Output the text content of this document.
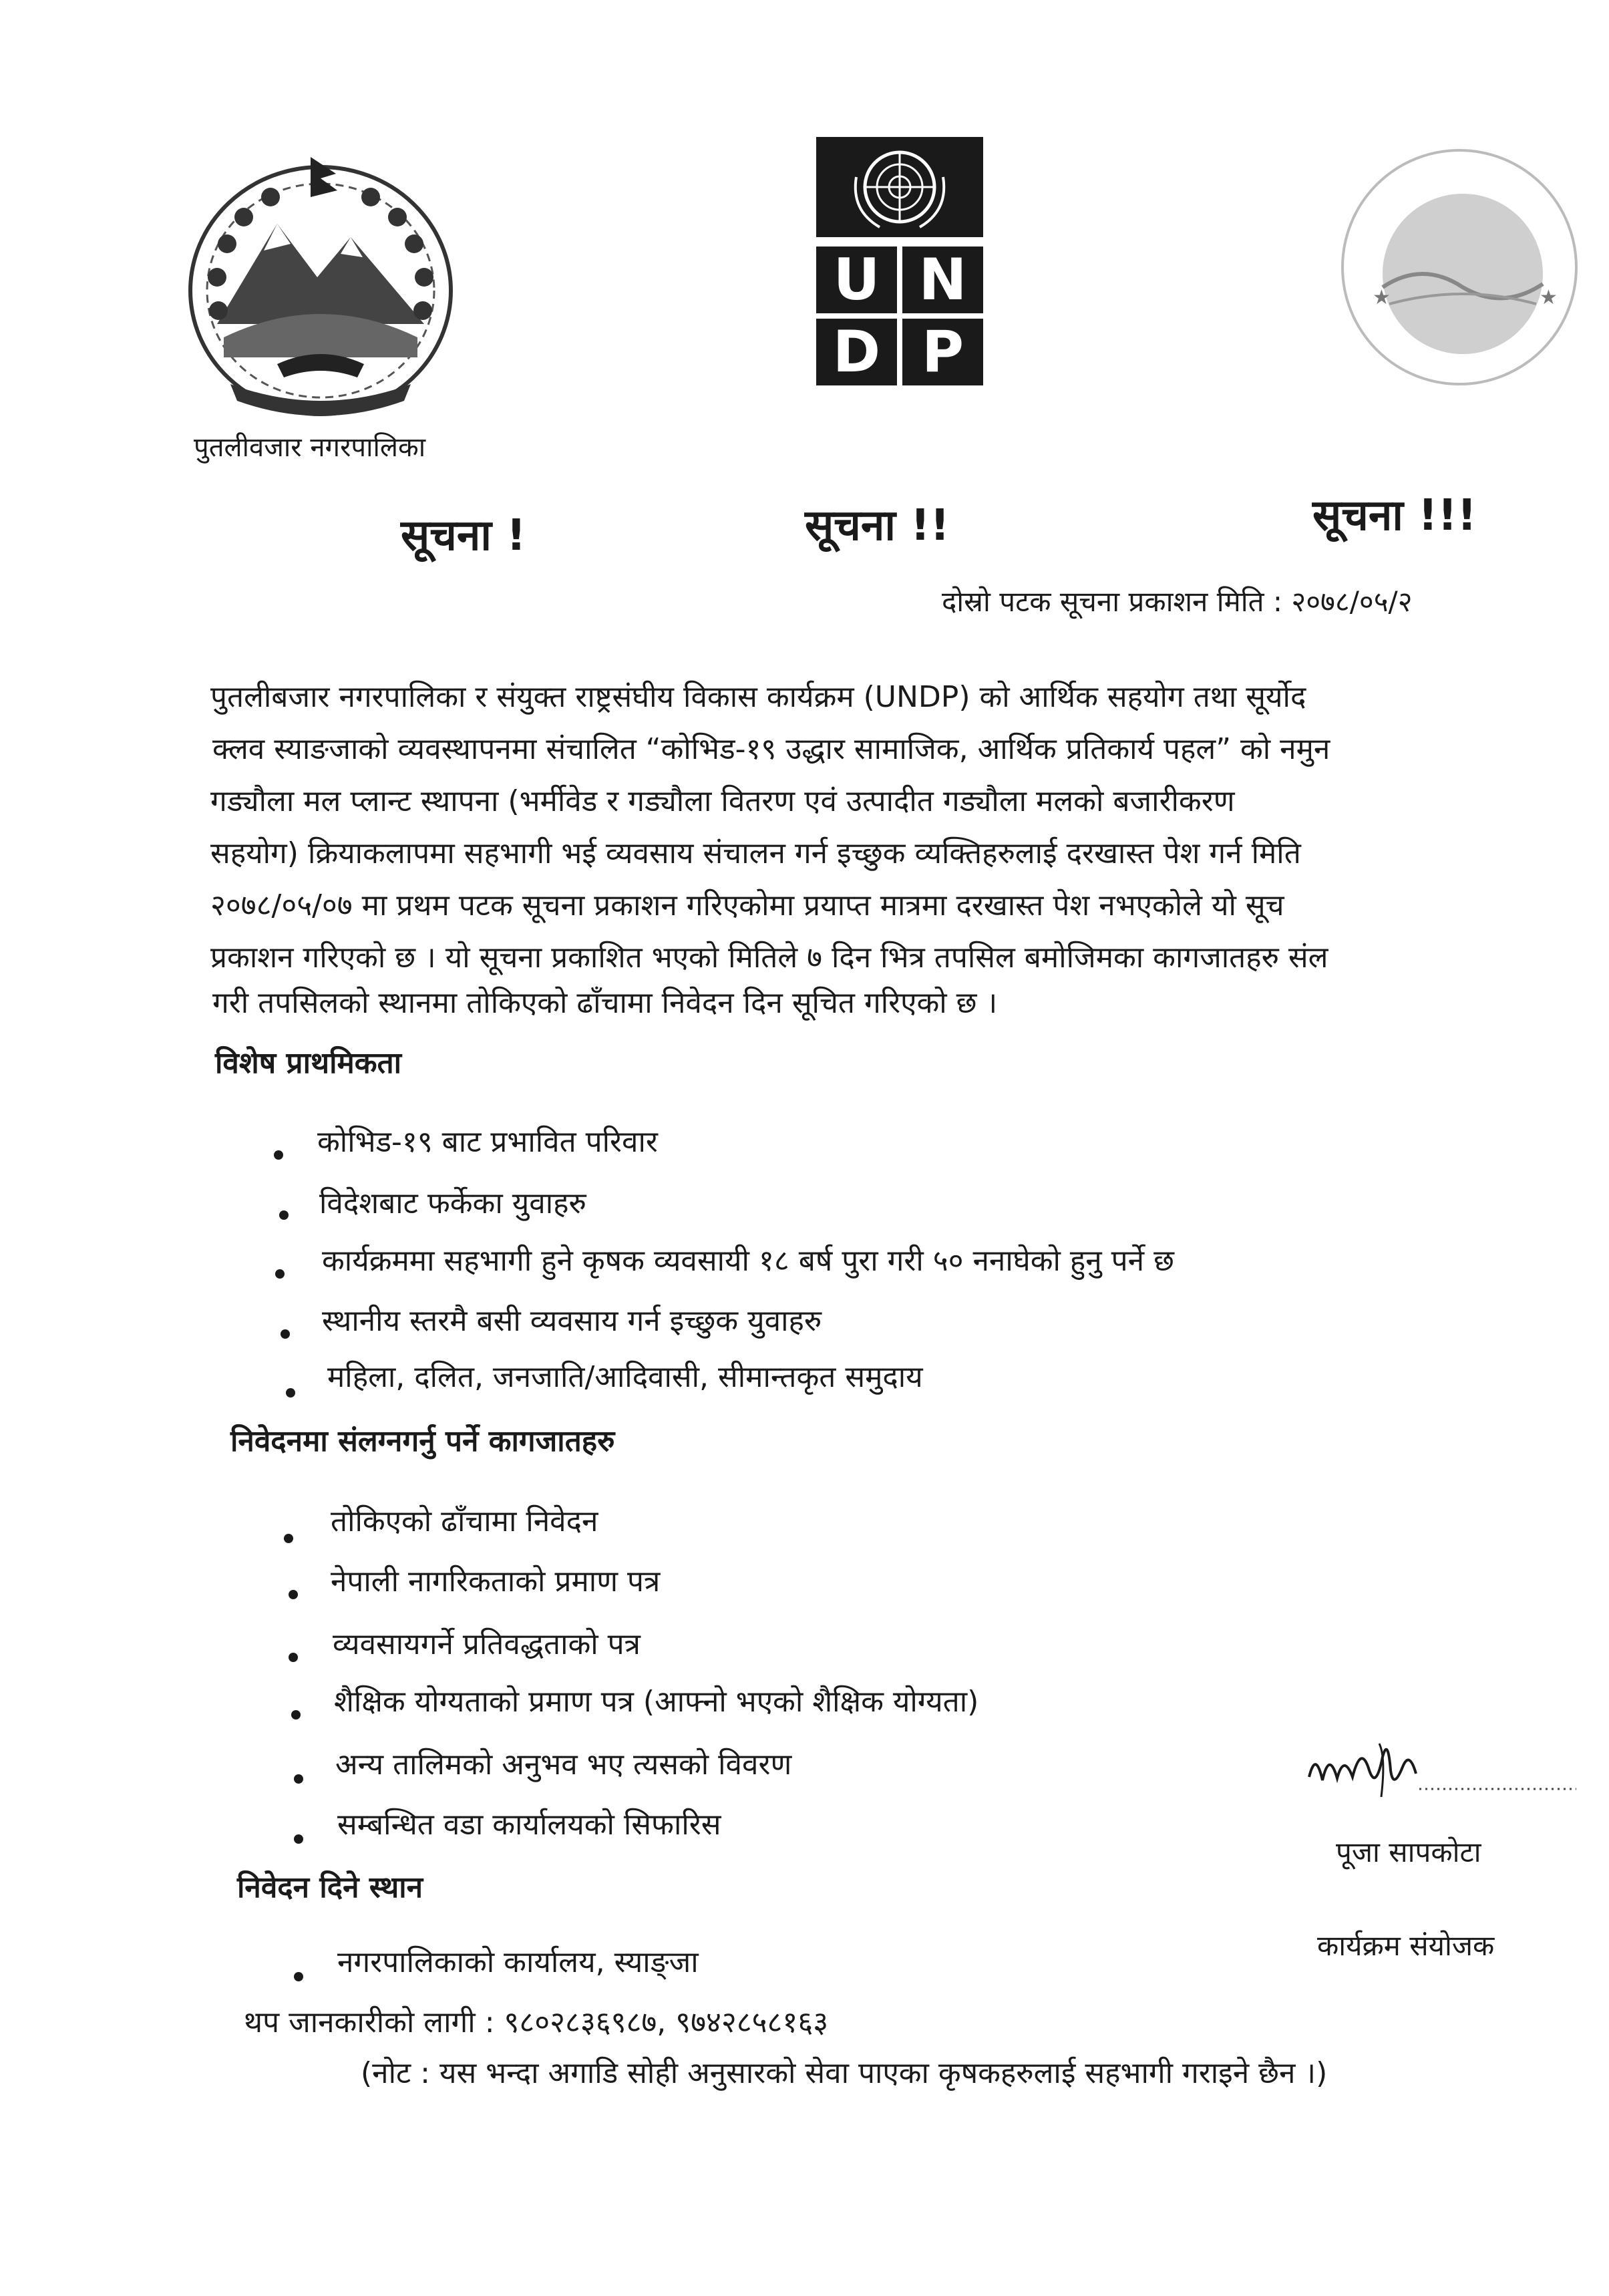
पुतलीवजार नगरपालिका
U N
D P
★	★
सूचना !	सूचना !!	सूचना !!!
दोस्रो पटक सूचना प्रकाशन मिति : २०७८/०५/२
पुतलीबजार नगरपालिका र संयुक्त राष्ट्रसंघीय विकास कार्यक्रम (UNDP) को आर्थिक सहयोग तथा सूर्योद
क्लव स्याङजाको व्यवस्थापनमा संचालित “कोभिड-१९ उद्धार सामाजिक, आर्थिक प्रतिकार्य पहल” को नमुन
गड्यौला मल प्लान्ट स्थापना (भर्मीवेड र गड्यौला वितरण एवं उत्पादीत गड्यौला मलको बजारीकरण
सहयोग) क्रियाकलापमा सहभागी भई व्यवसाय संचालन गर्न इच्छुक व्यक्तिहरुलाई दरखास्त पेश गर्न मिति
२०७८/०५/०७ मा प्रथम पटक सूचना प्रकाशन गरिएकोमा प्रयाप्त मात्रमा दरखास्त पेश नभएकोले यो सूच
प्रकाशन गरिएको छ । यो सूचना प्रकाशित भएको मितिले ७ दिन भित्र तपसिल बमोजिमका कागजातहरु संल
गरी तपसिलको स्थानमा तोकिएको ढाँचामा निवेदन दिन सूचित गरिएको छ ।
विशेष प्राथमिकता
कोभिड-१९ बाट प्रभावित परिवार
विदेशबाट फर्केका युवाहरु
कार्यक्रममा सहभागी हुने कृषक व्यवसायी १८ बर्ष पुरा गरी ५० ननाघेको हुनु पर्ने छ
स्थानीय स्तरमै बसी व्यवसाय गर्न इच्छुक युवाहरु
महिला, दलित, जनजाति/आदिवासी, सीमान्तकृत समुदाय
निवेदनमा संलग्नगर्नु पर्ने कागजातहरु
तोकिएको ढाँचामा निवेदन
नेपाली नागरिकताको प्रमाण पत्र
व्यवसायगर्ने प्रतिवद्धताको पत्र
शैक्षिक योग्यताको प्रमाण पत्र (आफ्नो भएको शैक्षिक योग्यता)
अन्य तालिमको अनुभव भए त्यसको विवरण
सम्बन्धित वडा कार्यालयको सिफारिस
निवेदन दिने स्थान
नगरपालिकाको कार्यालय, स्याङ्जा
थप जानकारीको लागी : ९८०२८३६९८७, ९७४२८५८१६३
(नोट : यस भन्दा अगाडि सोही अनुसारको सेवा पाएका कृषकहरुलाई सहभागी गराइने छैन ।)
पूजा सापकोटा
कार्यक्रम संयोजक
